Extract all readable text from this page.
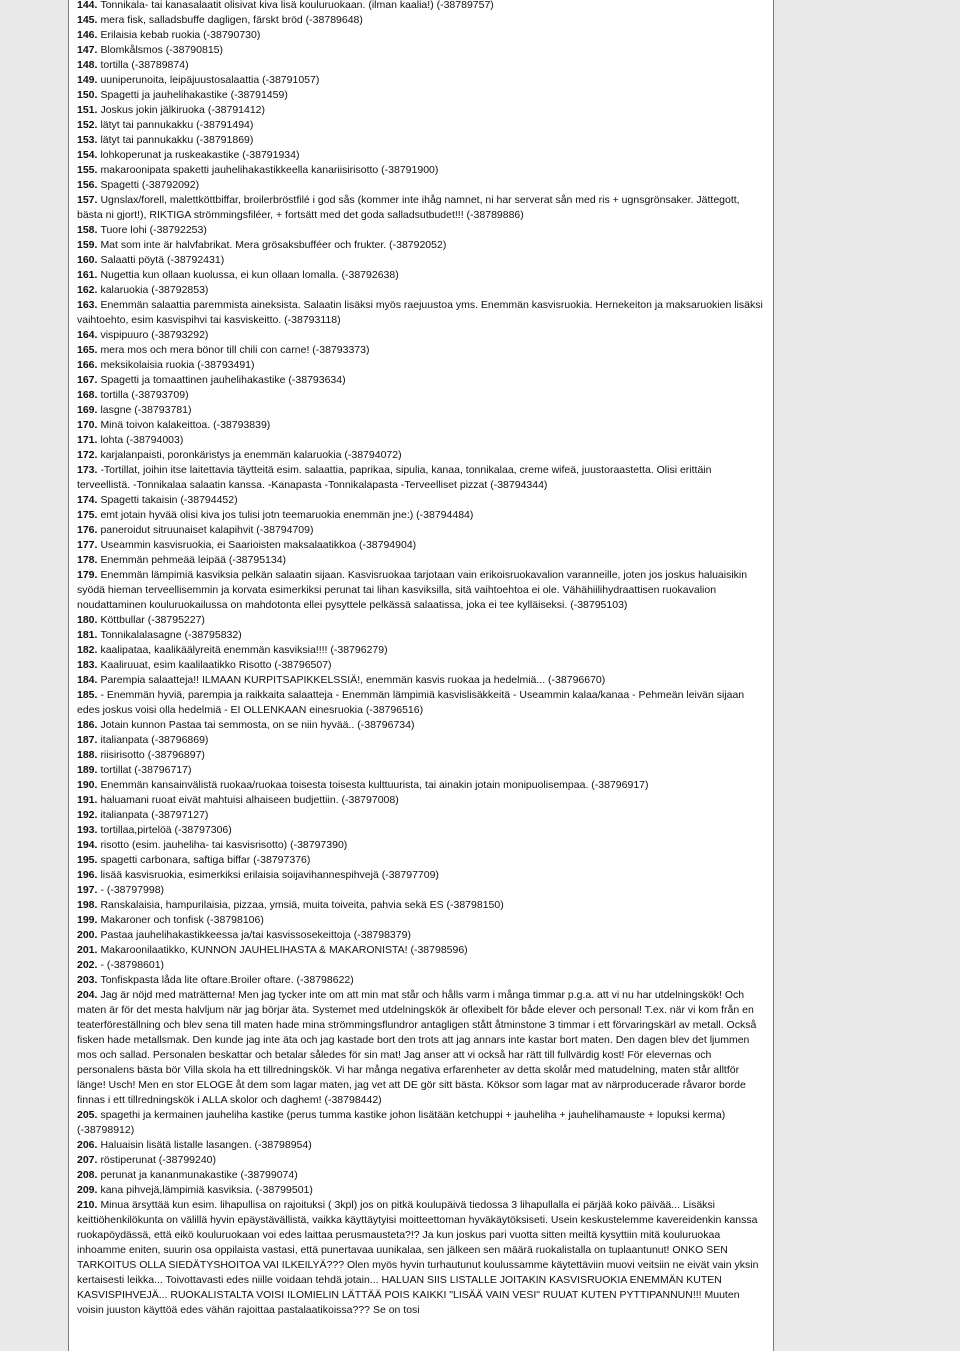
144. Tonnikala- tai kanasalaatit olisivat kiva lisä kouluruokaan. (ilman kaalia!) (-38789757)

145. mera fisk, salladsbuffe dagligen, färskt bröd (-38789648)

146. Erilaisia kebab ruokia (-38790730)

147. Blomkålsmos (-38790815)

148. tortilla (-38789874)

149. uuniperunoita, leipäjuustosalaattia (-38791057)

150. Spagetti ja jauhelihakastike (-38791459)

151. Joskus jokin jälkiruoka (-38791412)

152. lätyt tai pannukakku (-38791494)

153. lätyt tai pannukakku (-38791869)

154. lohkoperunat ja ruskeakastike (-38791934)

155. makaroonipata spaketti jauhelihakastikkeella kanariisirisotto (-38791900)

156. Spagetti (-38792092)

157. Ugnslax/forell, malettköttbiffar, broilerbröstfilé i god sås (kommer inte ihåg namnet, ni har serverat sån med ris + ugnsgrönsaker. Jättegott, bästa ni gjort!), RIKTIGA strömmingsfiléer, + fortsätt med det goda salladsutbudet!!! (-38789886)

158. Tuore lohi (-38792253)

159. Mat som inte är halvfabrikat. Mera grösaksbufféer och frukter. (-38792052)

160. Salaatti pöytä (-38792431)

161. Nugettia kun ollaan kuolussa, ei kun ollaan lomalla. (-38792638)

162. kalaruokia (-38792853)

163. Enemmän salaattia paremmista aineksista. Salaatin lisäksi myös raejuustoa yms. Enemmän kasvisruokia. Hernekeiton ja maksaruokien lisäksi vaihtoehto, esim kasvispihvi tai kasviskeitto. (-38793118)

164. vispipuuro (-38793292)

165. mera mos och mera bönor till chili con carne! (-38793373)

166. meksikolaisia ruokia (-38793491)

167. Spagetti ja tomaattinen jauhelihakastike (-38793634)

168. tortilla (-38793709)

169. lasgne (-38793781)

170. Minä toivon kalakeittoa. (-38793839)

171. lohta (-38794003)

172. karjalanpaisti, poronkäristys ja enemmän kalaruokia (-38794072)

173. -Tortillat, joihin itse laitettavia täytteitä esim. salaattia, paprikaa, sipulia, kanaa, tonnikalaa, creme wifeä, juustoraastetta. Olisi erittäin terveellistä. -Tonnikalaa salaatin kanssa. -Kanapasta -Tonnikalapasta -Terveelliset pizzat (-38794344)

174. Spagetti takaisin (-38794452)

175. emt jotain hyvää olisi kiva jos tulisi jotn teemaruokia enemmän jne:) (-38794484)

176. paneroidut sitruunaiset kalapihvit (-38794709)

177. Useammin kasvisruokia, ei Saarioisten maksalaatikkoa (-38794904)

178. Enemmän pehmeää leipää (-38795134)

179. Enemmän lämpimiä kasviksia pelkän salaatin sijaan. Kasvisruokaa tarjotaan vain erikoisruokavalion varanneille, joten jos joskus haluaisikin syödä hieman terveellisemmin ja korvata esimerkiksi perunat tai lihan kasviksilla, sitä vaihtoehtoa ei ole. Vähähiilihydraattisen ruokavalion noudattaminen kouluruokailussa on mahdotonta ellei pysyttele pelkässä salaatissa, joka ei tee kylläiseksi. (-38795103)

180. Köttbullar (-38795227)

181. Tonnikalalasagne (-38795832)

182. kaalipataa, kaalikäälyreitä enemmän kasviksia!!!! (-38796279)

183. Kaaliruuat, esim kaalilaatikko Risotto (-38796507)

184. Parempia salaatteja!! ILMAAN KURPITSAPIKKELSSIÄ!, enemmän kasvis ruokaa ja hedelmiä... (-38796670)

185. - Enemmän hyviä, parempia ja raikkaita salaatteja - Enemmän lämpimiä kasvislisäkkeitä - Useammin kalaa/kanaa - Pehmeän leivän sijaan edes joskus voisi olla hedelmiä - EI OLLENKAAN einesruokia (-38796516)

186. Jotain kunnon Pastaa tai semmosta, on se niin hyvää.. (-38796734)

187. italianpata (-38796869)

188. riisirisotto (-38796897)

189. tortillat (-38796717)

190. Enemmän kansainvälistä ruokaa/ruokaa toisesta toisesta kulttuurista, tai ainakin jotain monipuolisempaa. (-38796917)

191. haluamani ruoat eivät mahtuisi alhaiseen budjettiin. (-38797008)

192. italianpata (-38797127)

193. tortillaa,pirtelöä (-38797306)

194. risotto (esim. jauheliha- tai kasvisrisotto) (-38797390)

195. spagetti carbonara, saftiga biffar (-38797376)

196. lisää kasvisruokia, esimerkiksi erilaisia soijavihannespihvejä (-38797709)

197. - (-38797998)

198. Ranskalaisia, hampurilaisia, pizzaa, ymsiä, muita toiveita, pahvia sekä ES (-38798150)

199. Makaroner och tonfisk (-38798106)

200. Pastaa jauhelihakastikkeessa ja/tai kasvissosekeittoja (-38798379)

201. Makaroonilaatikko, KUNNON JAUHELIHASTA & MAKARONISTA! (-38798596)

202. - (-38798601)

203. Tonfiskpasta låda lite oftare.Broiler oftare. (-38798622)

204. Jag är nöjd med maträtterna! Men jag tycker inte om att min mat står och hålls varm i många timmar p.g.a. att vi nu har utdelningskök! Och maten är för det mesta halvljum när jag börjar äta. Systemet med utdelningskök är oflexibelt för både elever och personal! T.ex. när vi kom från en teaterföreställning och blev sena till maten hade mina strömmingsflundror antagligen stått åtminstone 3 timmar i ett förvaringskärl av metall. Också fisken hade metallsmak. Den kunde jag inte äta och jag kastade bort den trots att jag annars inte kastar bort maten. Den dagen blev det ljummen mos och sallad. Personalen beskattar och betalar således för sin mat! Jag anser att vi också har rätt till fullvärdig kost! För elevernas och personalens bästa bör Villa skola ha ett tillredningskök. Vi har många negativa erfarenheter av detta skolår med matudelning, maten står alltför länge! Usch! Men en stor ELOGE åt dem som lagar maten, jag vet att DE gör sitt bästa. Köksor som lagar mat av närproducerade råvaror borde finnas i ett tillredningskök i ALLA skolor och daghem! (-38798442)

205. spagethi ja kermainen jauheliha kastike (perus tumma kastike johon lisätään ketchuppi + jauheliha + jauhelihamauste + lopuksi kerma) (-38798912)

206. Haluaisin lisätä listalle lasangen. (-38798954)

207. röstiperunat (-38799240)

208. perunat ja kananmunakastike (-38799074)

209. kana pihvejä,lämpimiä kasviksia. (-38799501)

210. Minua ärsyttää kun esim. lihapullisa on rajoituksi ( 3kpl) jos on pitkä koulupäivä tiedossa 3 lihapullalla ei pärjää koko päivää... Lisäksi keittiöhenkilökunta on välillä hyvin epäystävällistä, vaikka käyttäytyisi moitteettoman hyväkäytöksiseti. Usein keskustelemme kavereidenkin kanssa ruokapöydässä, että eikö kouluruokaan voi edes laittaa perusmausteta?!? Ja kun joskus pari vuotta sitten meiltä kysyttiin mitä kouluruokaa inhoamme eniten, suurin osa oppilaista vastasi, että punertavaa uunikalaa, sen jälkeen sen määrä ruokalistalla on tuplaantunut! ONKO SEN TARKOITUS OLLA SIEDÄTYSHOITOA VAI ILKEILYÄ??? Olen myös hyvin turhautunut koulussamme käytettäviin muovi veitsiin ne eivät vain yksin kertaisesti leikka... Toivottavasti edes niille voidaan tehdä jotain... HALUAN SIIS LISTALLE JOITAKIN KASVISRUOKIA ENEMMÄN KUTEN KASVISPIHVEJÄ... RUOKALISTALTA VOISI ILOMIELIN LÄTTÄÄ POIS KAIKKI "LISÄÄ VAIN VESI" RUUAT KUTEN PYTTIPANNUN!!! Muuten voisin juuston käyttöä edes vähän rajoittaa pastalaatikoissa??? Se on tosi
